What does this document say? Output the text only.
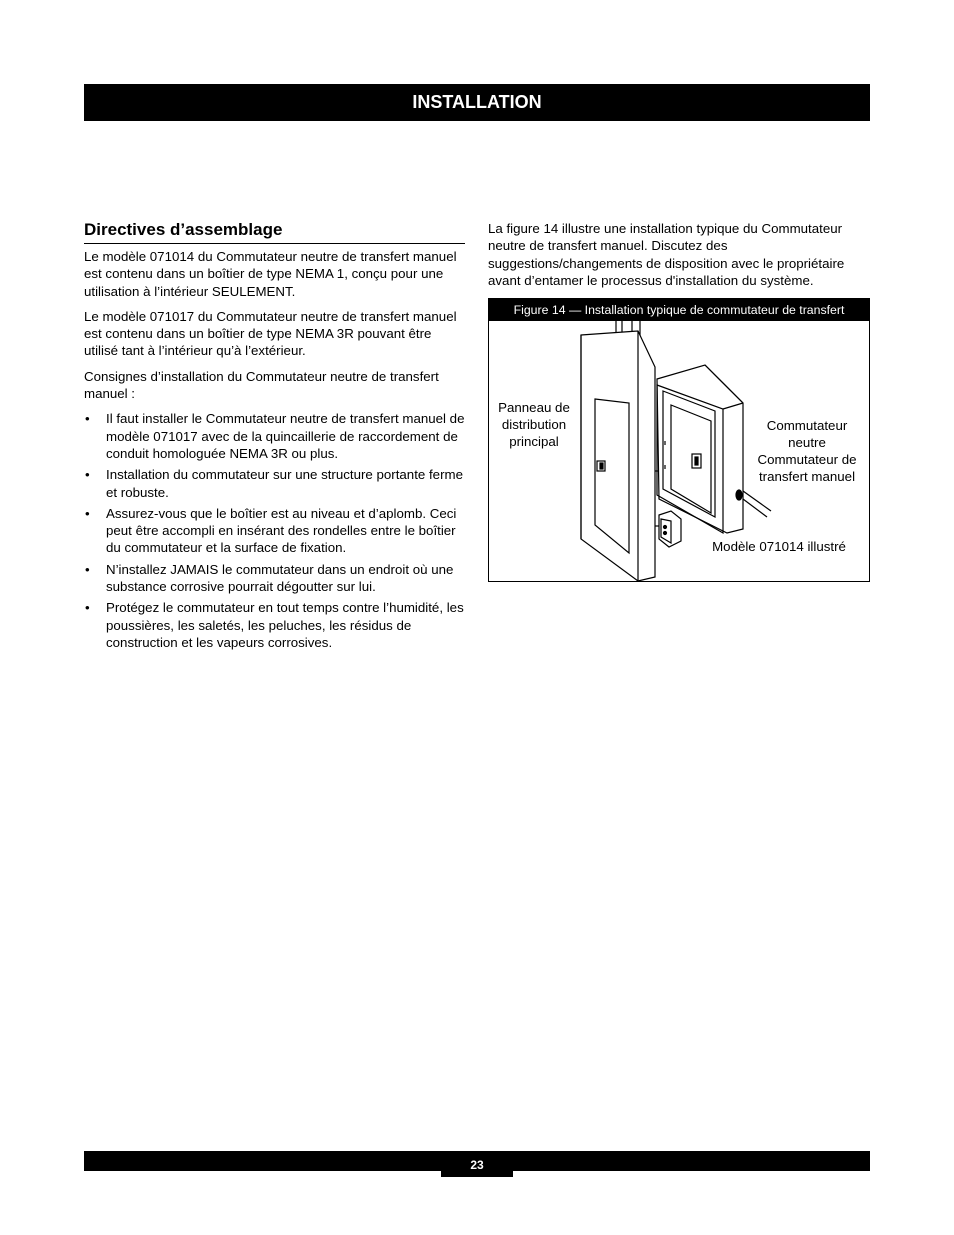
INSTALLATION
Directives d’assemblage

Le modèle 071014 du Commutateur neutre de transfert manuel est contenu dans un boîtier de type NEMA 1, conçu pour une utilisation à l’intérieur SEULEMENT.

Le modèle 071017 du Commutateur neutre de transfert manuel est contenu dans un boîtier de type NEMA 3R pouvant être utilisé tant à l’intérieur qu’à l’extérieur.

Consignes d’installation du Commutateur neutre de transfert manuel :

• Il faut installer le Commutateur neutre de transfert manuel de modèle 071017 avec de la quincaillerie de raccordement de conduit homologuée NEMA 3R ou plus.
• Installation du commutateur sur une structure portante ferme et robuste.
• Assurez-vous que le boîtier est au niveau et d’aplomb. Ceci peut être accompli en insérant des rondelles entre le boîtier du commutateur et la surface de fixation.
• N’installez JAMAIS le commutateur dans un endroit où une substance corrosive pourrait dégoutter sur lui.
• Protégez le commutateur en tout temps contre l’humidité, les poussières, les saletés, les peluches, les résidus de construction et les vapeurs corrosives.

La figure 14 illustre une installation typique du Commutateur neutre de transfert manuel. Discutez des suggestions/changements de disposition avec le propriétaire avant d’entamer le processus d'installation du système.

Figure 14 — Installation typique de commutateur de transfert
Panneau de
distribution
principal
Commutateur
neutre
Commutateur de
transfert manuel
Modèle 071014 illustré
23
